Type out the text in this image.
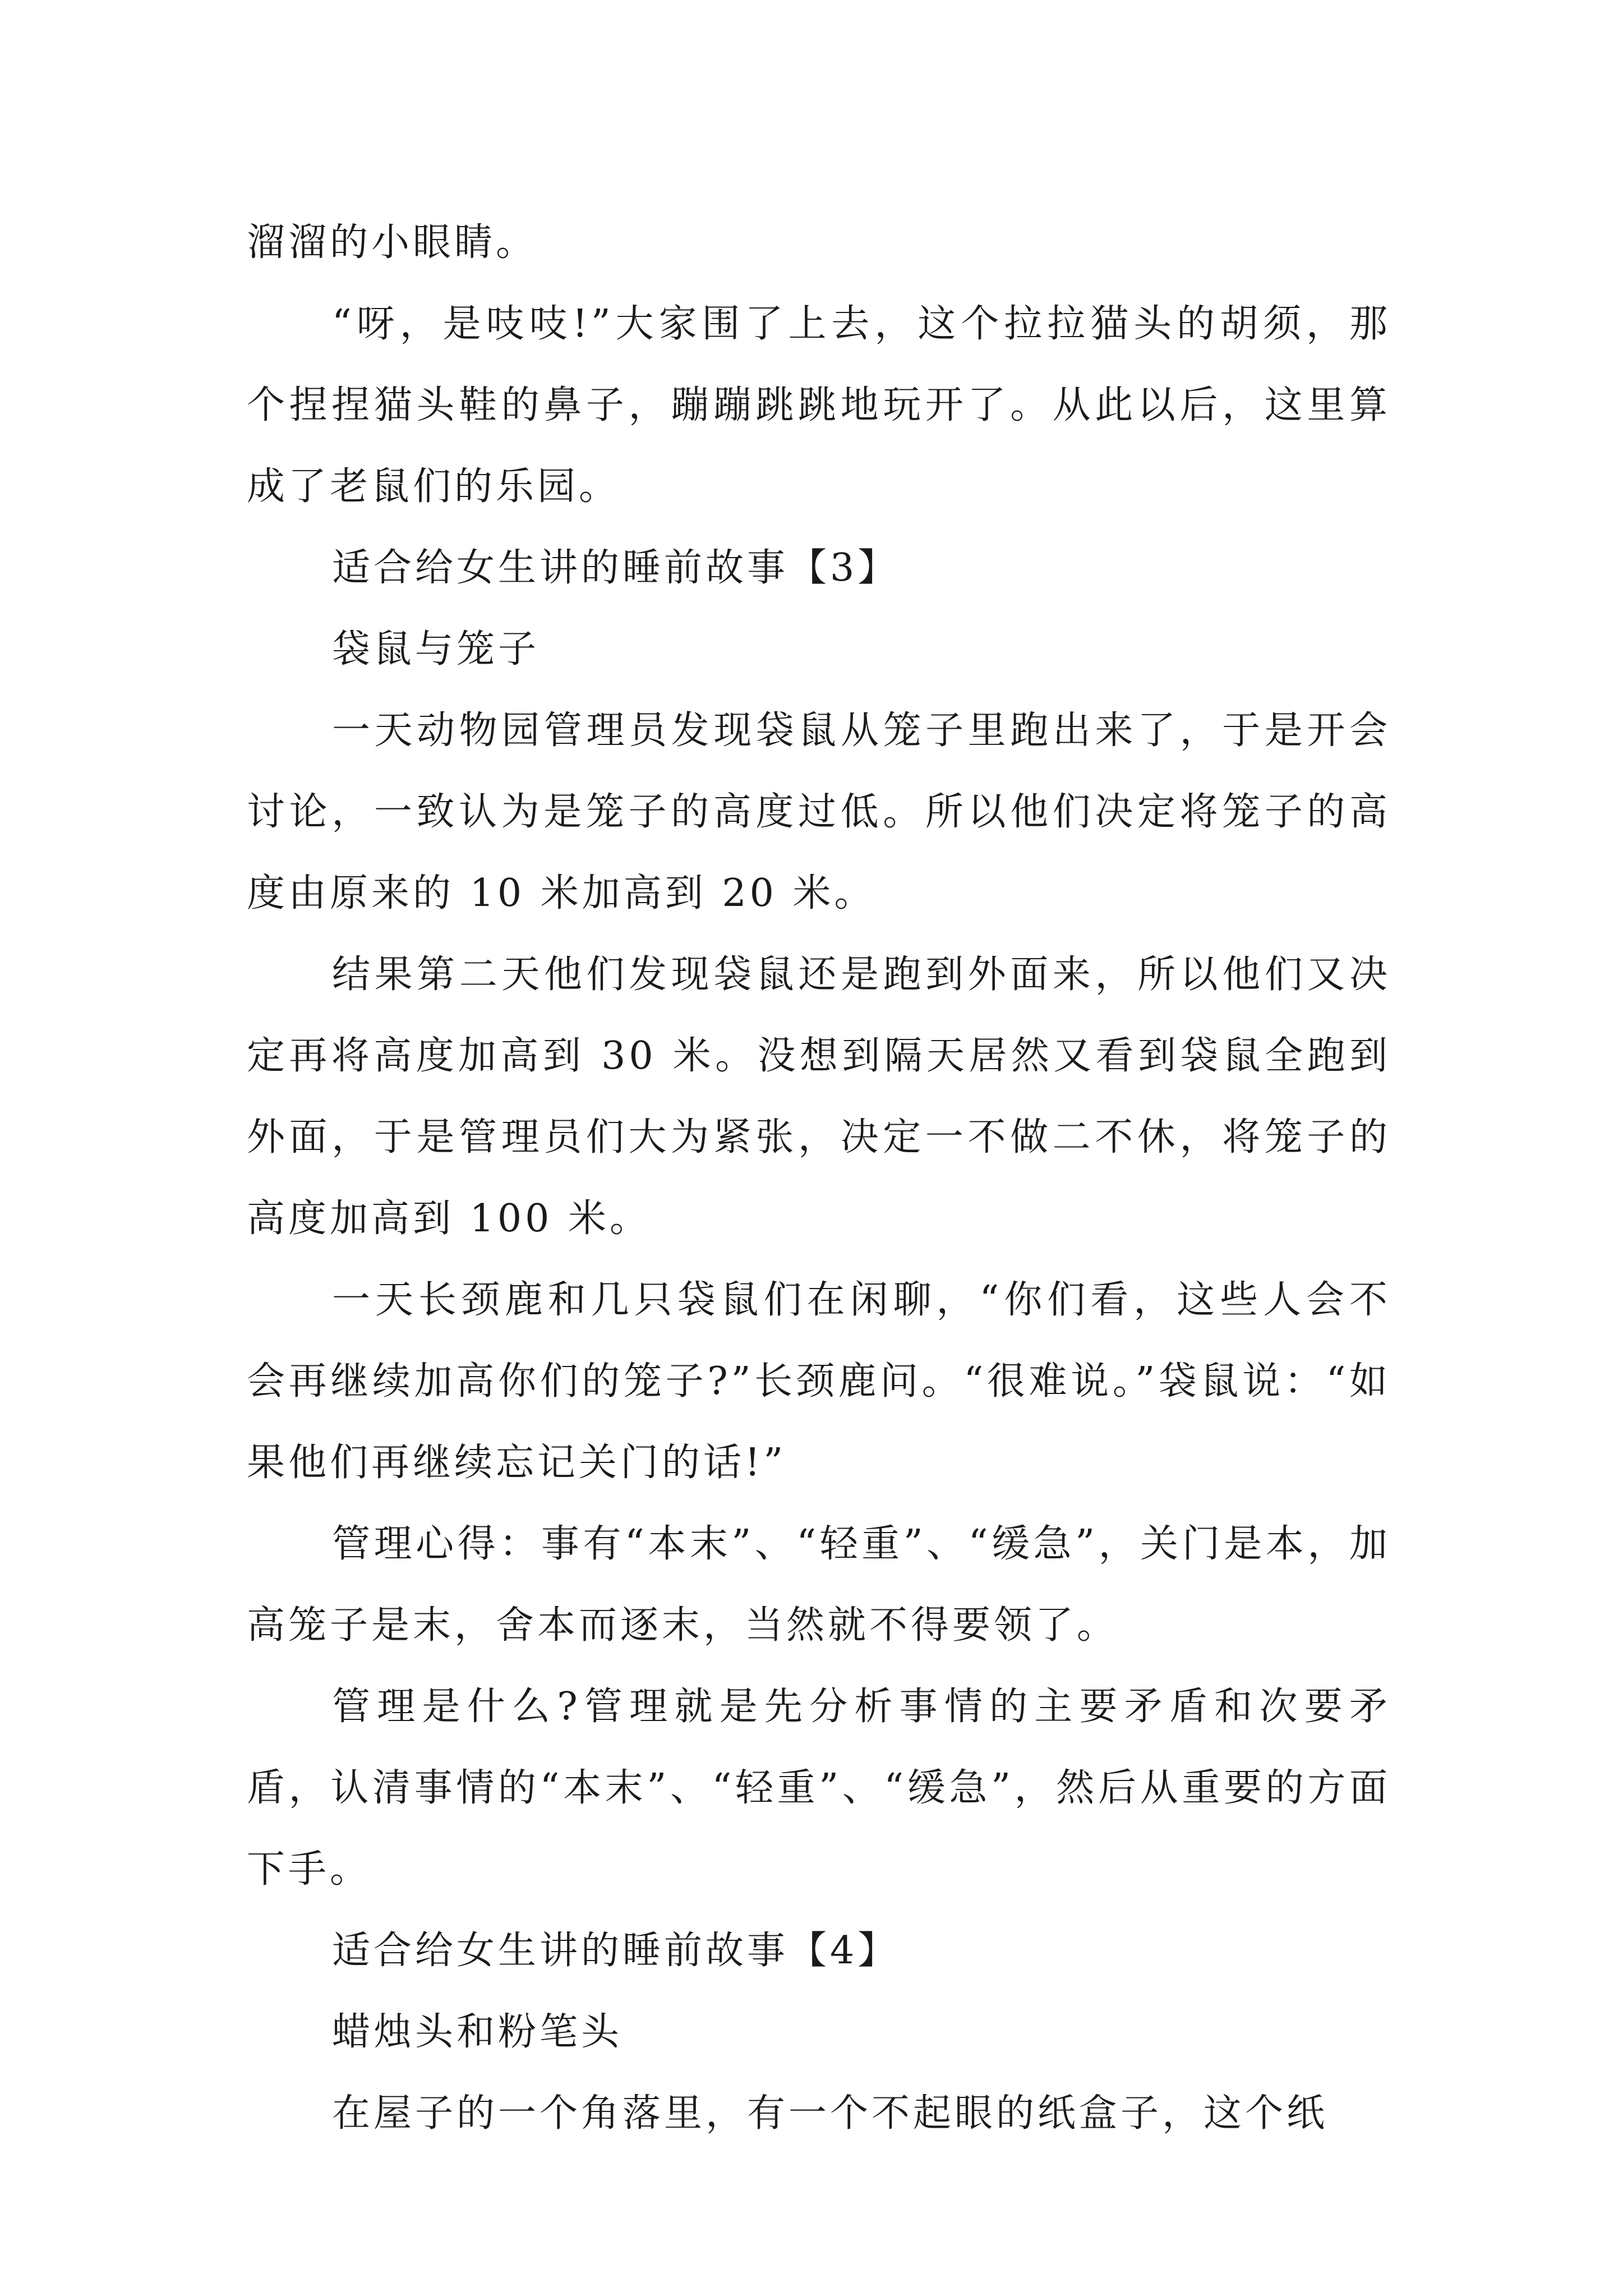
溜溜的小眼睛。

“呀，是吱吱!”大家围了上去，这个拉拉猫头的胡须，那个捏捏猫头鞋的鼻子，蹦蹦跳跳地玩开了。从此以后，这里算成了老鼠们的乐园。

适合给女生讲的睡前故事【3】

袋鼠与笼子

一天动物园管理员发现袋鼠从笼子里跑出来了，于是开会讨论，一致认为是笼子的高度过低。所以他们决定将笼子的高度由原来的 10 米加高到 20 米。

结果第二天他们发现袋鼠还是跑到外面来，所以他们又决定再将高度加高到 30 米。没想到隔天居然又看到袋鼠全跑到外面，于是管理员们大为紧张，决定一不做二不休，将笼子的高度加高到 100 米。

一天长颈鹿和几只袋鼠们在闲聊，“你们看，这些人会不会再继续加高你们的笼子?”长颈鹿问。“很难说。”袋鼠说：“如果他们再继续忘记关门的话!”

管理心得：事有“本末”、“轻重”、“缓急”，关门是本，加高笼子是末，舍本而逐末，当然就不得要领了。

管理是什么?管理就是先分析事情的主要矛盾和次要矛盾，认清事情的“本末”、“轻重”、“缓急”，然后从重要的方面下手。

适合给女生讲的睡前故事【4】

蜡烛头和粉笔头

在屋子的一个角落里，有一个不起眼的纸盒子，这个纸
